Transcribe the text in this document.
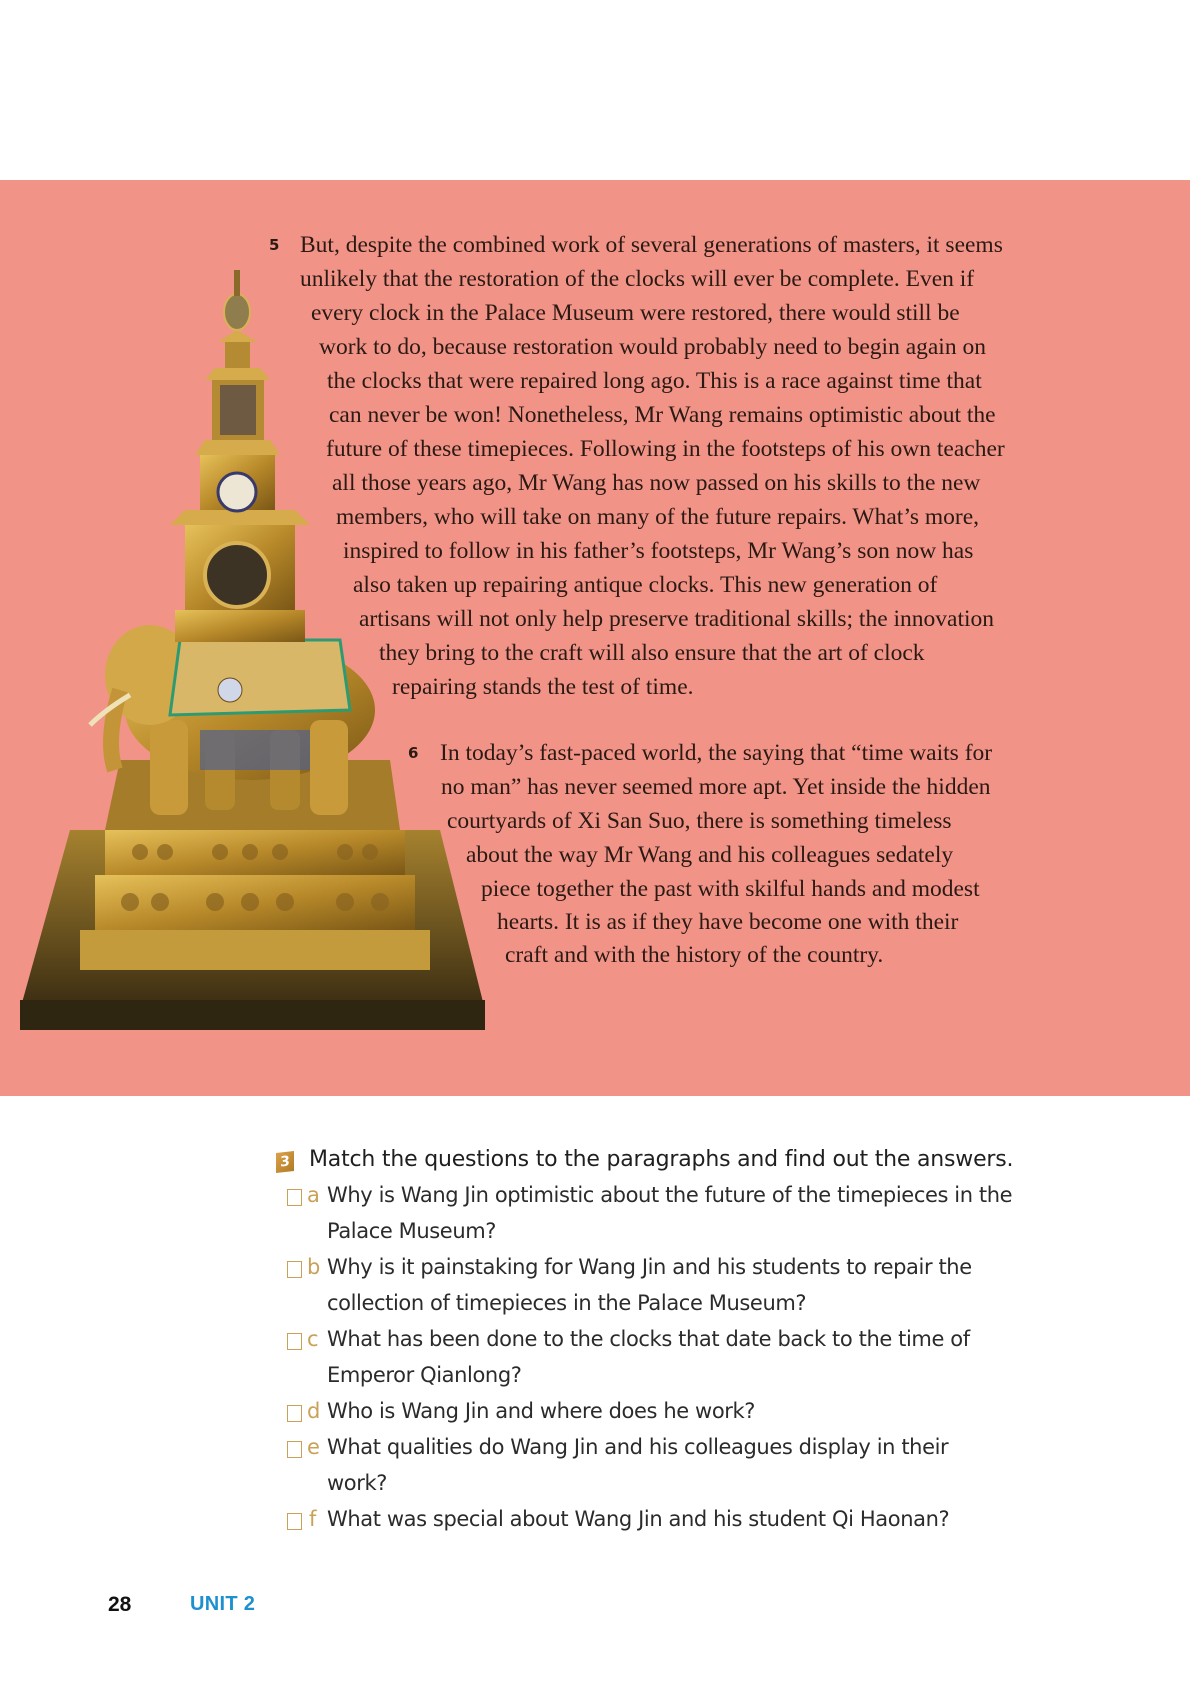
5 But, despite the combined work of several generations of masters, it seems
unlikely that the restoration of the clocks will ever be complete. Even if
every clock in the Palace Museum were restored, there would still be
work to do, because restoration would probably need to begin again on
the clocks that were repaired long ago. This is a race against time that
can never be won! Nonetheless, Mr Wang remains optimistic about the
future of these timepieces. Following in the footsteps of his own teacher
all those years ago, Mr Wang has now passed on his skills to the new
members, who will take on many of the future repairs. What’s more,
inspired to follow in his father’s footsteps, Mr Wang’s son now has
also taken up repairing antique clocks. This new generation of
artisans will not only help preserve traditional skills; the innovation
they bring to the craft will also ensure that the art of clock
repairing stands the test of time.
6 In today’s fast-paced world, the saying that “time waits for
no man” has never seemed more apt. Yet inside the hidden
courtyards of Xi San Suo, there is something timeless
about the way Mr Wang and his colleagues sedately
piece together the past with skilful hands and modest
hearts. It is as if they have become one with their
craft and with the history of the country.
3 Match the questions to the paragraphs and find out the answers.
a Why is Wang Jin optimistic about the future of the timepieces in the
Palace Museum?
b Why is it painstaking for Wang Jin and his students to repair the
collection of timepieces in the Palace Museum?
c What has been done to the clocks that date back to the time of
Emperor Qianlong?
d Who is Wang Jin and where does he work?
e What qualities do Wang Jin and his colleagues display in their
work?
f What was special about Wang Jin and his student Qi Haonan?
28	UNIT 2
